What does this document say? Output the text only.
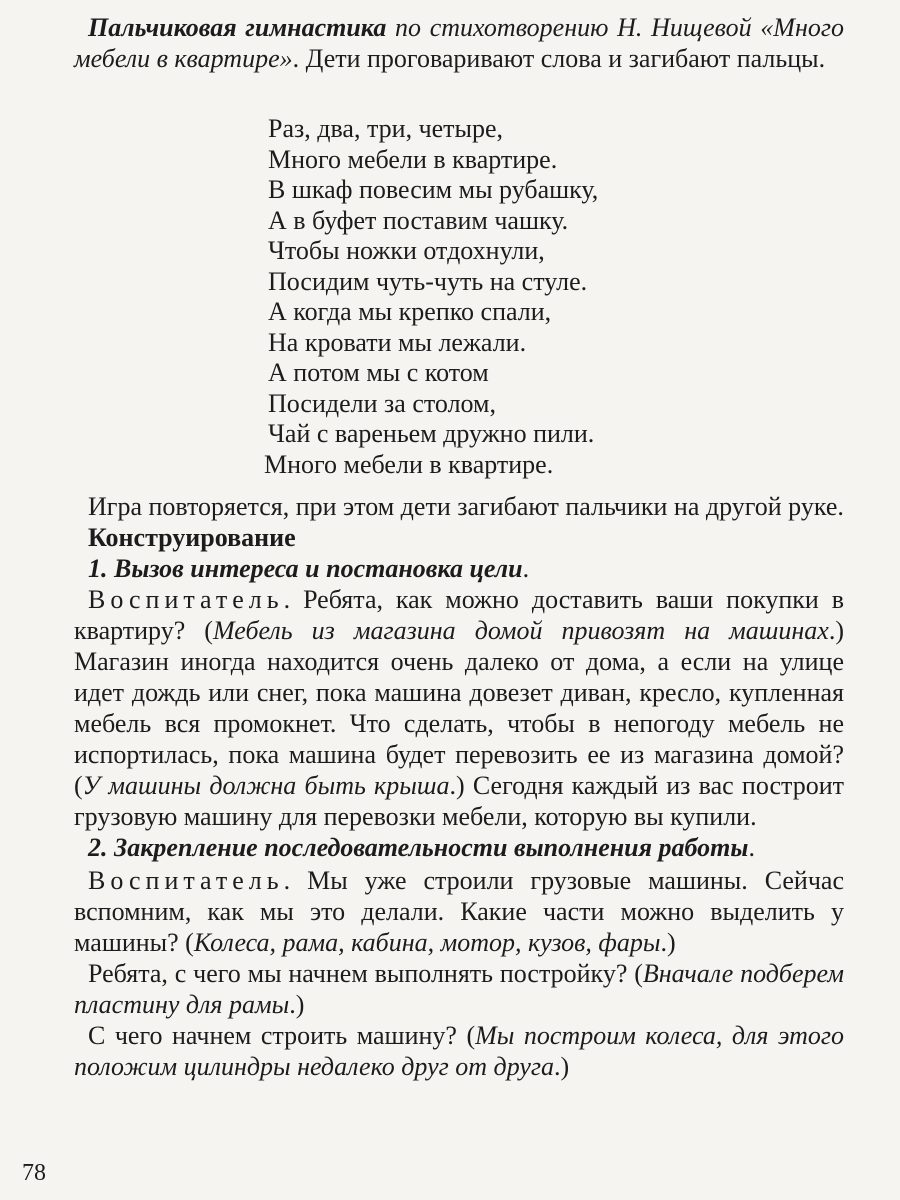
Пальчиковая гимнастика по стихотворению Н. Нищевой «Много мебели в квартире». Дети проговаривают слова и загибают пальцы.

Раз, два, три, четыре,
Много мебели в квартире.
В шкаф повесим мы рубашку,
А в буфет поставим чашку.
Чтобы ножки отдохнули,
Посидим чуть-чуть на стуле.
А когда мы крепко спали,
На кровати мы лежали.
А потом мы с котом
Посидели за столом,
Чай с вареньем дружно пили.
Много мебели в квартире.

Игра повторяется, при этом дети загибают пальчики на другой руке.

Конструирование

1. Вызов интереса и постановка цели.

Воспитатель. Ребята, как можно доставить ваши покупки в квартиру? (Мебель из магазина домой привозят на машинах.) Магазин иногда находится очень далеко от дома, а если на улице идет дождь или снег, пока машина довезет диван, кресло, купленная мебель вся промокнет. Что сделать, чтобы в непогоду мебель не испортилась, пока машина будет перевозить ее из магазина домой? (У машины должна быть крыша.) Сегодня каждый из вас построит грузовую машину для перевозки мебели, которую вы купили.

2. Закрепление последовательности выполнения работы.

Воспитатель. Мы уже строили грузовые машины. Сейчас вспомним, как мы это делали. Какие части можно выделить у машины? (Колеса, рама, кабина, мотор, кузов, фары.)

Ребята, с чего мы начнем выполнять постройку? (Вначале подберем пластину для рамы.)

С чего начнем строить машину? (Мы построим колеса, для этого положим цилиндры недалеко друг от друга.)

78
